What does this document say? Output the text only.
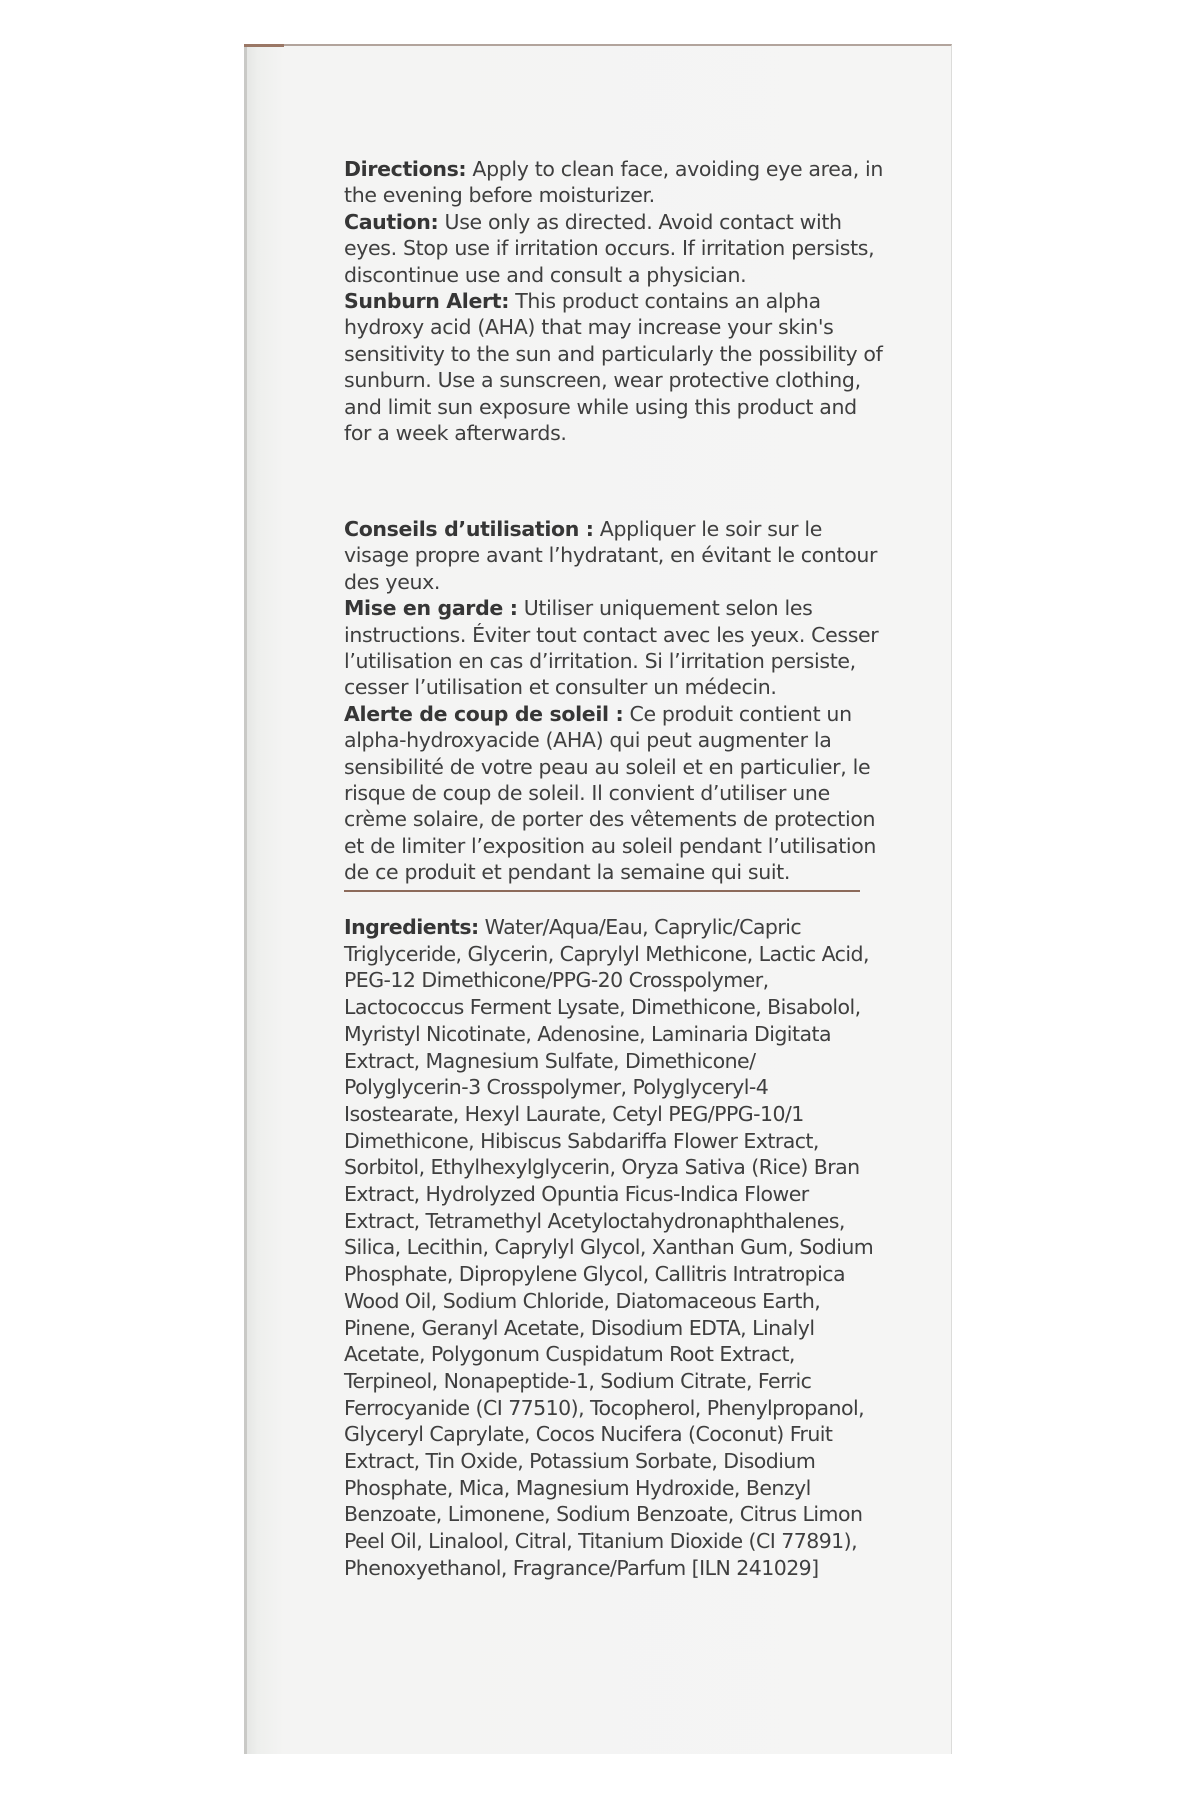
Directions: Apply to clean face, avoiding eye area, in the evening before moisturizer.

Caution: Use only as directed. Avoid contact with eyes. Stop use if irritation occurs. If irritation persists, discontinue use and consult a physician.

Sunburn Alert: This product contains an alpha hydroxy acid (AHA) that may increase your skin's sensitivity to the sun and particularly the possibility of sunburn. Use a sunscreen, wear protective clothing, and limit sun exposure while using this product and for a week afterwards.

Conseils d’utilisation : Appliquer le soir sur le visage propre avant l’hydratant, en évitant le contour des yeux.

Mise en garde : Utiliser uniquement selon les instructions. Éviter tout contact avec les yeux. Cesser l’utilisation en cas d’irritation. Si l’irritation persiste, cesser l’utilisation et consulter un médecin.

Alerte de coup de soleil : Ce produit contient un alpha-hydroxyacide (AHA) qui peut augmenter la sensibilité de votre peau au soleil et en particulier, le risque de coup de soleil. Il convient d’utiliser une crème solaire, de porter des vêtements de protection et de limiter l’exposition au soleil pendant l’utilisation de ce produit et pendant la semaine qui suit.

Ingredients: Water/Aqua/Eau, Caprylic/Capric Triglyceride, Glycerin, Caprylyl Methicone, Lactic Acid, PEG-12 Dimethicone/PPG-20 Crosspolymer, Lactococcus Ferment Lysate, Dimethicone, Bisabolol, Myristyl Nicotinate, Adenosine, Laminaria Digitata Extract, Magnesium Sulfate, Dimethicone/ Polyglycerin-3 Crosspolymer, Polyglyceryl-4 Isostearate, Hexyl Laurate, Cetyl PEG/PPG-10/1 Dimethicone, Hibiscus Sabdariffa Flower Extract, Sorbitol, Ethylhexylglycerin, Oryza Sativa (Rice) Bran Extract, Hydrolyzed Opuntia Ficus-Indica Flower Extract, Tetramethyl Acetyloctahydronaphthalenes, Silica, Lecithin, Caprylyl Glycol, Xanthan Gum, Sodium Phosphate, Dipropylene Glycol, Callitris Intratropica Wood Oil, Sodium Chloride, Diatomaceous Earth, Pinene, Geranyl Acetate, Disodium EDTA, Linalyl Acetate, Polygonum Cuspidatum Root Extract, Terpineol, Nonapeptide-1, Sodium Citrate, Ferric Ferrocyanide (CI 77510), Tocopherol, Phenylpropanol, Glyceryl Caprylate, Cocos Nucifera (Coconut) Fruit Extract, Tin Oxide, Potassium Sorbate, Disodium Phosphate, Mica, Magnesium Hydroxide, Benzyl Benzoate, Limonene, Sodium Benzoate, Citrus Limon Peel Oil, Linalool, Citral, Titanium Dioxide (CI 77891), Phenoxyethanol, Fragrance/Parfum [ILN 241029]
